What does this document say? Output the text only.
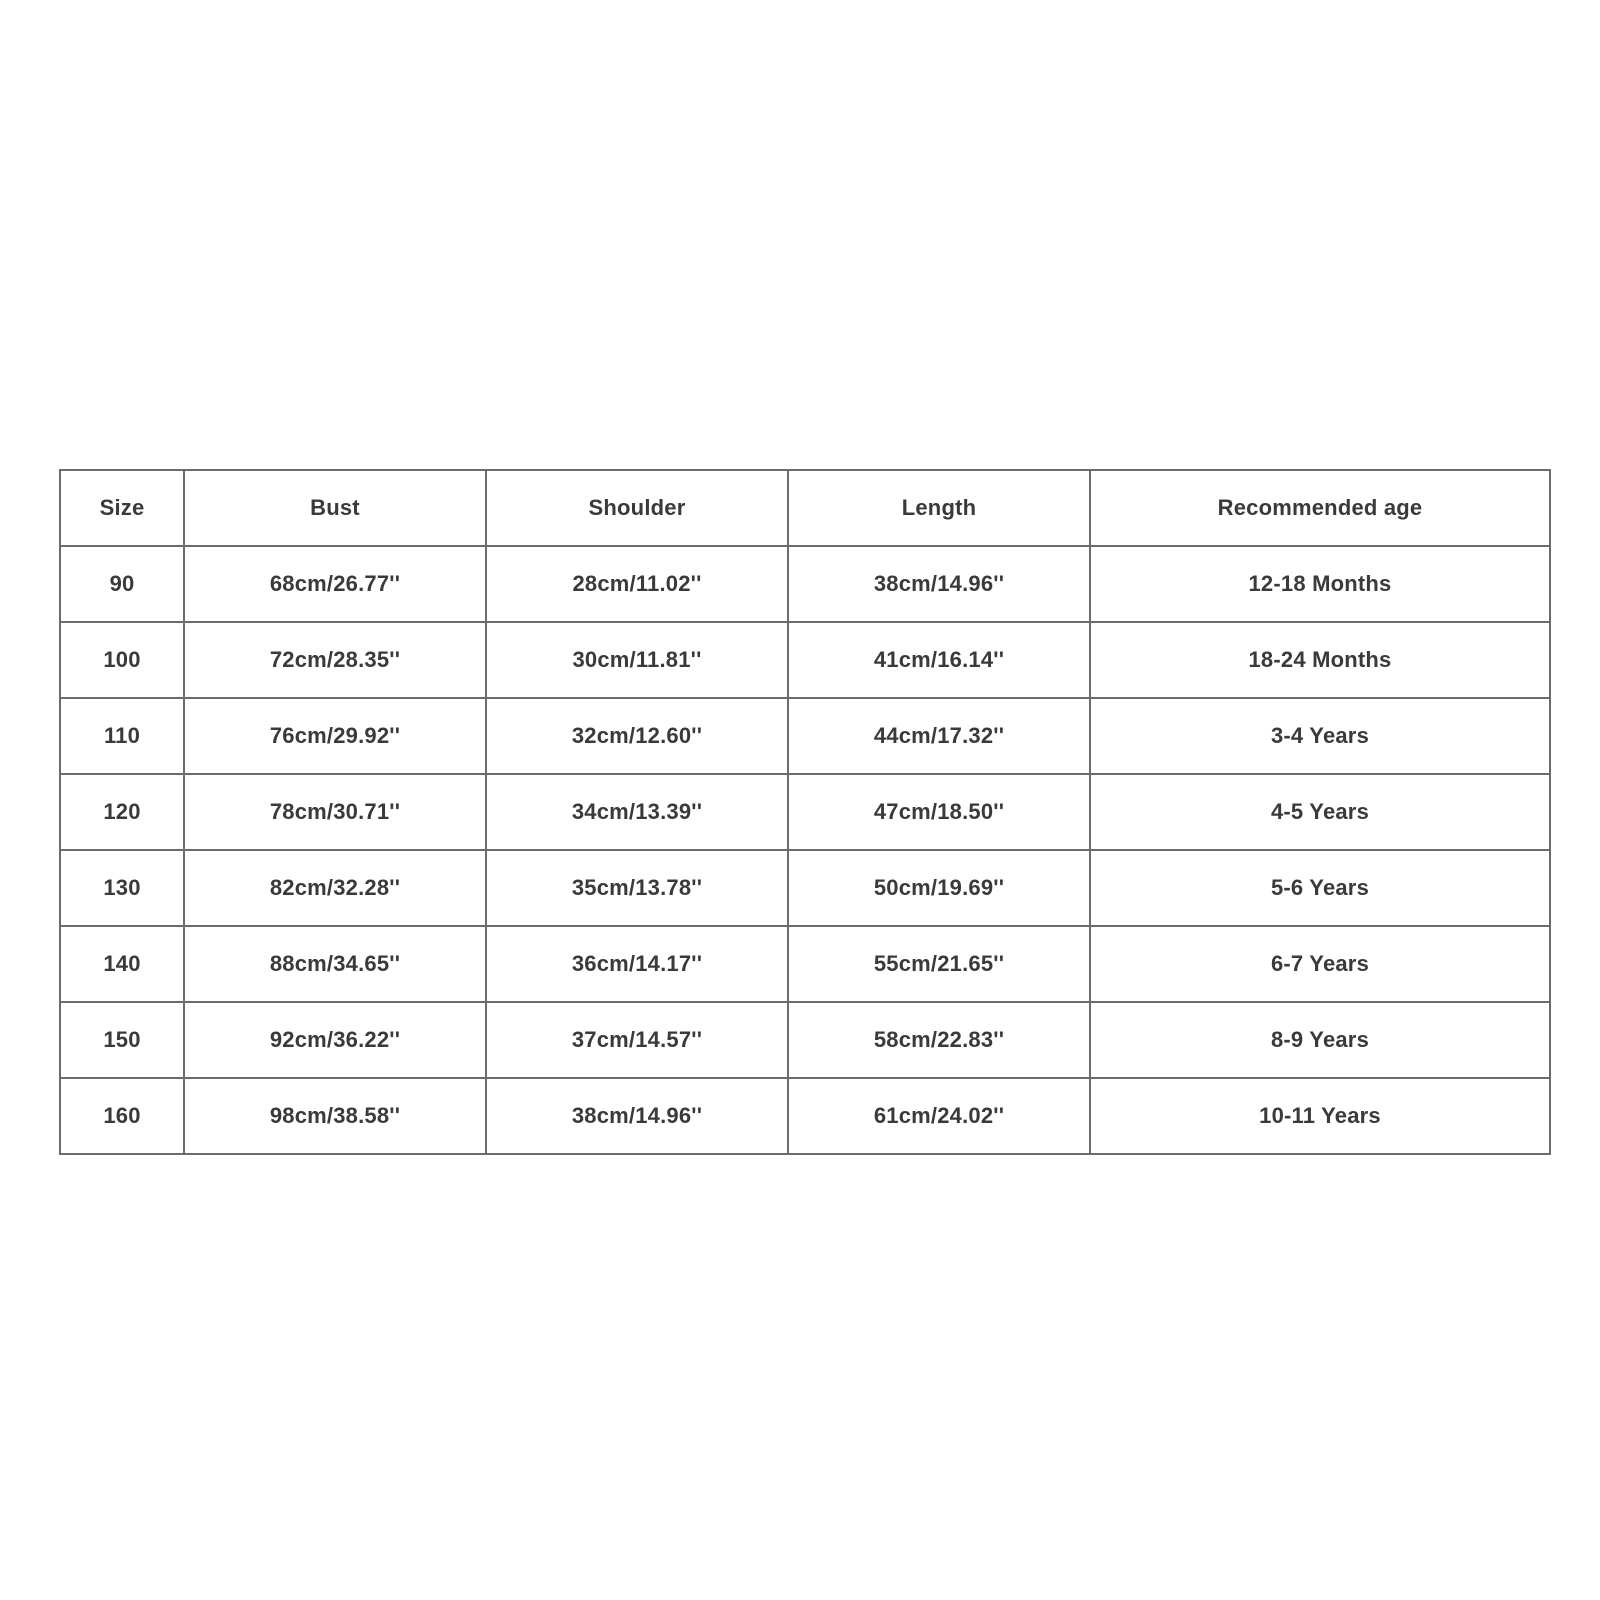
Size	Bust	Shoulder	Length	Recommended age
90	68cm/26.77''	28cm/11.02''	38cm/14.96''	12-18 Months
100	72cm/28.35''	30cm/11.81''	41cm/16.14''	18-24 Months
110	76cm/29.92''	32cm/12.60''	44cm/17.32''	3-4 Years
120	78cm/30.71''	34cm/13.39''	47cm/18.50''	4-5 Years
130	82cm/32.28''	35cm/13.78''	50cm/19.69''	5-6 Years
140	88cm/34.65''	36cm/14.17''	55cm/21.65''	6-7 Years
150	92cm/36.22''	37cm/14.57''	58cm/22.83''	8-9 Years
160	98cm/38.58''	38cm/14.96''	61cm/24.02''	10-11 Years
